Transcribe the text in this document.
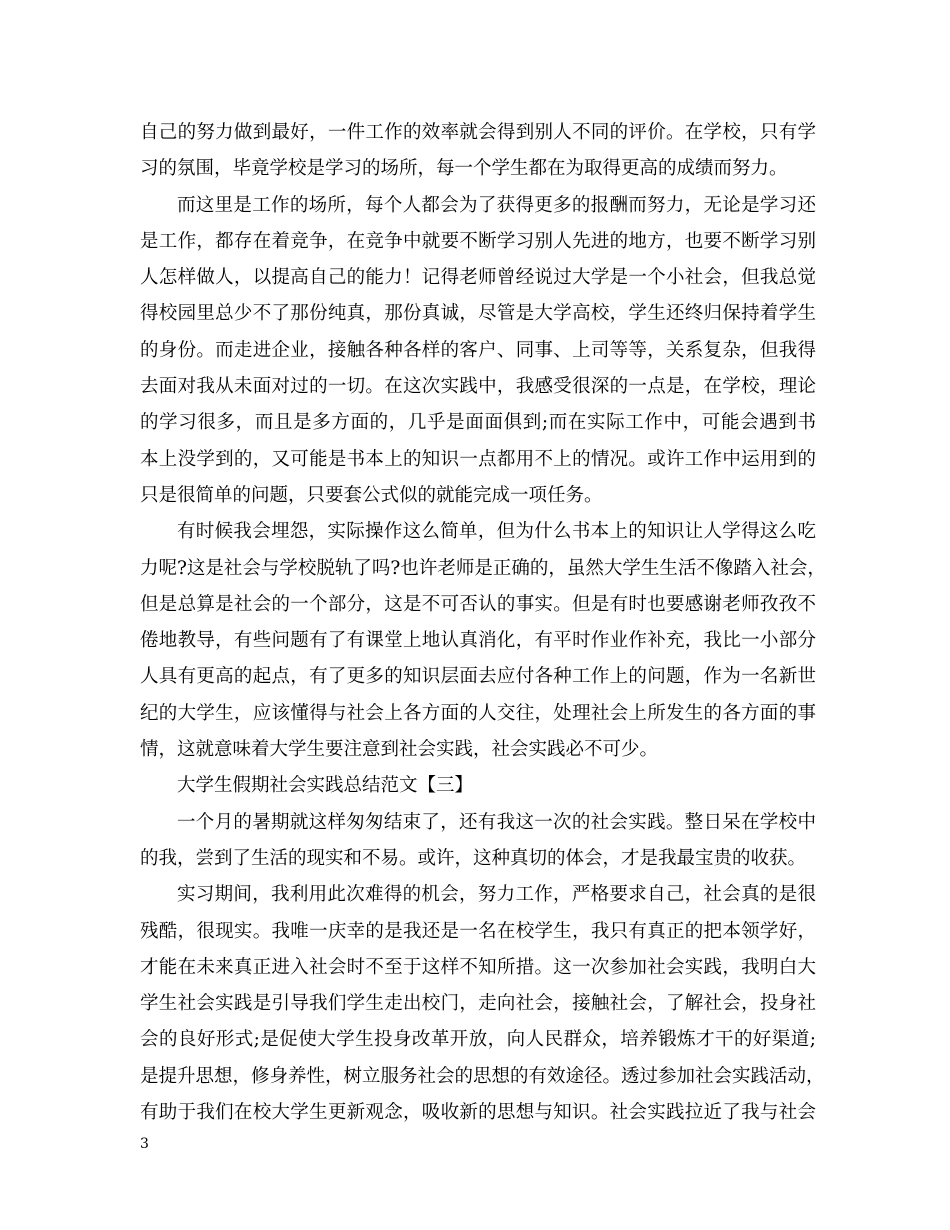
自己的努力做到最好，一件工作的效率就会得到别人不同的评价。在学校，只有学
习的氛围，毕竟学校是学习的场所，每一个学生都在为取得更高的成绩而努力。
而这里是工作的场所，每个人都会为了获得更多的报酬而努力，无论是学习还
是工作，都存在着竞争，在竞争中就要不断学习别人先进的地方，也要不断学习别
人怎样做人，以提高自己的能力！记得老师曾经说过大学是一个小社会，但我总觉
得校园里总少不了那份纯真，那份真诚，尽管是大学高校，学生还终归保持着学生
的身份。而走进企业，接触各种各样的客户、同事、上司等等，关系复杂，但我得
去面对我从未面对过的一切。在这次实践中，我感受很深的一点是，在学校，理论
的学习很多，而且是多方面的，几乎是面面俱到;而在实际工作中，可能会遇到书
本上没学到的，又可能是书本上的知识一点都用不上的情况。或许工作中运用到的
只是很简单的问题，只要套公式似的就能完成一项任务。
有时候我会埋怨，实际操作这么简单，但为什么书本上的知识让人学得这么吃
力呢?这是社会与学校脱轨了吗?也许老师是正确的，虽然大学生生活不像踏入社会，
但是总算是社会的一个部分，这是不可否认的事实。但是有时也要感谢老师孜孜不
倦地教导，有些问题有了有课堂上地认真消化，有平时作业作补充，我比一小部分
人具有更高的起点，有了更多的知识层面去应付各种工作上的问题，作为一名新世
纪的大学生，应该懂得与社会上各方面的人交往，处理社会上所发生的各方面的事
情，这就意味着大学生要注意到社会实践，社会实践必不可少。
大学生假期社会实践总结范文【三】
一个月的暑期就这样匆匆结束了，还有我这一次的社会实践。整日呆在学校中
的我，尝到了生活的现实和不易。或许，这种真切的体会，才是我最宝贵的收获。
实习期间，我利用此次难得的机会，努力工作，严格要求自己，社会真的是很
残酷，很现实。我唯一庆幸的是我还是一名在校学生，我只有真正的把本领学好，
才能在未来真正进入社会时不至于这样不知所措。这一次参加社会实践，我明白大
学生社会实践是引导我们学生走出校门，走向社会，接触社会，了解社会，投身社
会的良好形式;是促使大学生投身改革开放，向人民群众，培养锻炼才干的好渠道;
是提升思想，修身养性，树立服务社会的思想的有效途径。透过参加社会实践活动，
有助于我们在校大学生更新观念，吸收新的思想与知识。社会实践拉近了我与社会
3
